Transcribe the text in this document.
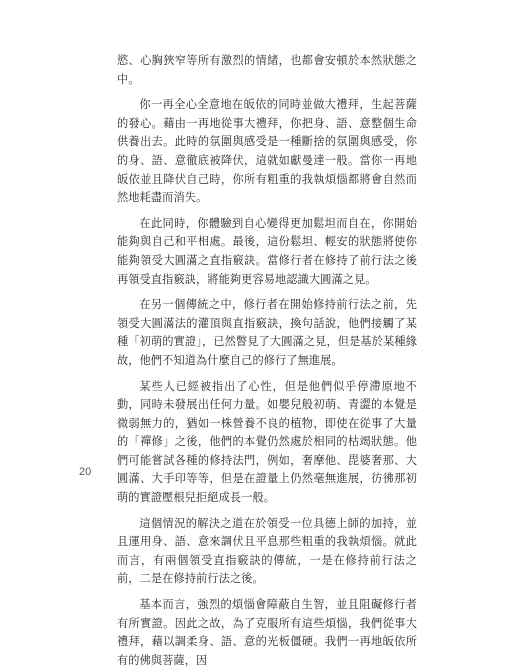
慾、心胸狹窄等所有激烈的情緒，也都會安頓於本然狀態之中。

你一再全心全意地在皈依的同時並做大禮拜，生起菩薩的發心。藉由一再地從事大禮拜，你把身、語、意整個生命供養出去。此時的氛圍與感受是一種斷捨的氛圍與感受，你的身、語、意徹底被降伏，這就如獻曼達一般。當你一再地皈依並且降伏自己時，你所有粗重的我執煩惱都將會自然而然地耗盡而消失。

在此同時，你體驗到自心變得更加鬆坦而自在，你開始能夠與自己和平相處。最後，這份鬆坦、輕安的狀態將使你能夠領受大圓滿之直指竅訣。當修行者在修持了前行法之後再領受直指竅訣，將能夠更容易地認識大圓滿之見。

在另一個傳統之中，修行者在開始修持前行法之前，先領受大圓滿法的灌頂與直指竅訣，換句話說，他們接觸了某種「初萌的實證」，已然瞥見了大圓滿之見，但是基於某種緣故，他們不知道為什麼自己的修行了無進展。

某些人已經被指出了心性，但是他們似乎停滯原地不動，同時未發展出任何力量。如嬰兒般初萌、青澀的本覺是微弱無力的，猶如一株營養不良的植物，即使在從事了大量的「禪修」之後，他們的本覺仍然處於相同的枯竭狀態。他們可能嘗試各種的修持法門，例如，奢摩他、毘婆奢那、大圓滿、大手印等等，但是在證量上仍然毫無進展，彷彿那初萌的實證壓根兒拒絕成長一般。

這個情況的解決之道在於領受一位具德上師的加持，並且運用身、語、意來調伏且平息那些粗重的我執煩惱。就此而言，有兩個領受直指竅訣的傳統，一是在修持前行法之前，二是在修持前行法之後。

基本而言，強烈的煩惱會障蔽自生智，並且阻礙修行者有所實證。因此之故，為了克服所有這些煩惱，我們從事大禮拜，藉以調柔身、語、意的光板僵硬。我們一再地皈依所有的佛與菩薩，因

20
